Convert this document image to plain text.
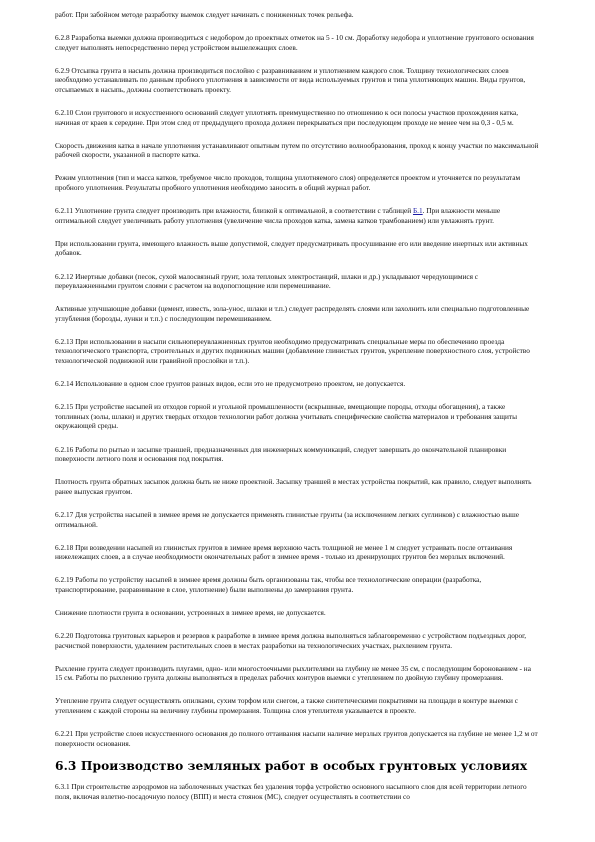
работ. При забойном методе разработку выемок следует начинать с пониженных точек рельефа.

6.2.8 Разработка выемки должна производиться с недобором до проектных отметок на 5 - 10 см. Доработку недобора и уплотнение грунтового основания следует выполнять непосредственно перед устройством вышележащих слоев.

6.2.9 Отсыпка грунта в насыпь должна производиться послойно с разравниванием и уплотнением каждого слоя. Толщину технологических слоев необходимо устанавливать по данным пробного уплотнения в зависимости от вида используемых грунтов и типа уплотняющих машин. Виды грунтов, отсыпаемых в насыпь, должны соответствовать проекту.

6.2.10 Слои грунтового и искусственного оснований следует уплотнять преимущественно по отношению к оси полосы участков прохождения катка, начиная от краев к середине. При этом след от предыдущего прохода должен перекрываться при последующем проходе не менее чем на 0,3 - 0,5 м.

Скорость движения катка в начале уплотнения устанавливают опытным путем по отсутствию волнообразования, проход к концу участки по максимальной рабочей скорости, указанной в паспорте катка.

Режим уплотнения (тип и масса катков, требуемое число проходов, толщина уплотняемого слоя) определяется проектом и уточняется по результатам пробного уплотнения. Результаты пробного уплотнения необходимо заносить в общий журнал работ.

6.2.11 Уплотнение грунта следует производить при влажности, близкой к оптимальной, в соответствии с таблицей Б.1. При влажности меньше оптимальной следует увеличивать работу уплотнения (увеличение числа проходов катка, замена катков трамбованием) или увлажнять грунт.

При использовании грунта, имеющего влажность выше допустимой, следует предусматривать просушивание его или введение инертных или активных добавок.

6.2.12 Инертные добавки (песок, сухой малосвязный грунт, зола тепловых электростанций, шлаки и др.) укладывают чередующимися с переувлажненными грунтом слоями с расчетом на водопоглощение или перемешивание.

Активные улучшающие добавки (цемент, известь, зола-унос, шлаки и т.п.) следует распределять слоями или захолнить или специально подготовленные углубления (борозды, лунки и т.п.) с последующим перемешиванием.

6.2.13 При использовании в насыпи сильнопереувлажненных грунтов необходимо предусматривать специальные меры по обеспечению проезда технологического транспорта, строительных и других подвижных машин (добавление глинистых грунтов, укрепление поверхностного слоя, устройство технологической подвижной или гравийной прослойки и т.п.).

6.2.14 Использование в одном слое грунтов разных видов, если это не предусмотрено проектом, не допускается.

6.2.15 При устройстве насыпей из отходов горной и угольной промышленности (вскрышные, вмещающие породы, отходы обогащения), а также топливных (золы, шлаки) и других твердых отходов технологии работ должна учитывать специфические свойства материалов и требования защиты окружающей среды.

6.2.16 Работы по рытью и засыпке траншей, предназначенных для инженерных коммуникаций, следует завершать до окончательной планировки поверхности летного поля и основания под покрытия.

Плотность грунта обратных засыпок должна быть не ниже проектной. Засыпку траншей в местах устройства покрытий, как правило, следует выполнять ранее выпуская грунтом.

6.2.17 Для устройства насыпей в зимнее время не допускается применять глинистые грунты (за исключением легких суглинков) с влажностью выше оптимальной.

6.2.18 При возведении насыпей из глинистых грунтов в зимнее время верхнюю часть толщиной не менее 1 м следует устраивать после оттаивания нижележащих слоев, а в случае необходимости окончательных работ в зимнее время - только из дренирующих грунтов без мерзлых включений.

6.2.19 Работы по устройству насыпей в зимнее время должны быть организованы так, чтобы все технологические операции (разработка, транспортирование, разравнивание в слое, уплотнение) были выполнены до замерзания грунта.

Снижение плотности грунта в основании, устроенных в зимнее время, не допускается.

6.2.20 Подготовка грунтовых карьеров и резервов к разработке в зимнее время должна выполняться заблаговременно с устройством подъездных дорог, расчисткой поверхности, удалением растительных слоев в местах разработки на технологических участках, рыхлением грунта.

Рыхление грунта следует производить плугами, одно- или многостоечными рыхлителями на глубину не менее 35 см, с последующим боронованием - на 15 см. Работы по рыхлению грунта должны выполняться в пределах рабочих контуров выемки с утеплением по двойную глубину промерзания.

Утепление грунта следует осуществлять опилками, сухим торфом или снегом, а также синтетическими покрытиями на площади в контуре выемки с утеплением с каждой стороны на величину глубины промерзания. Толщина слоя утеплителя указывается в проекте.

6.2.21 При устройстве слоев искусственного основания до полного оттаивания насыпи наличие мерзлых грунтов допускается на глубине не менее 1,2 м от поверхности основания.

6.3 Производство земляных работ в особых грунтовых условиях

6.3.1 При строительстве аэродромов на заболоченных участках без удаления торфа устройство основного насыпного слоя для всей территории летного поля, включая взлетно-посадочную полосу (ВПП) и места стоянок (МС), следует осуществлять в соответствии со
